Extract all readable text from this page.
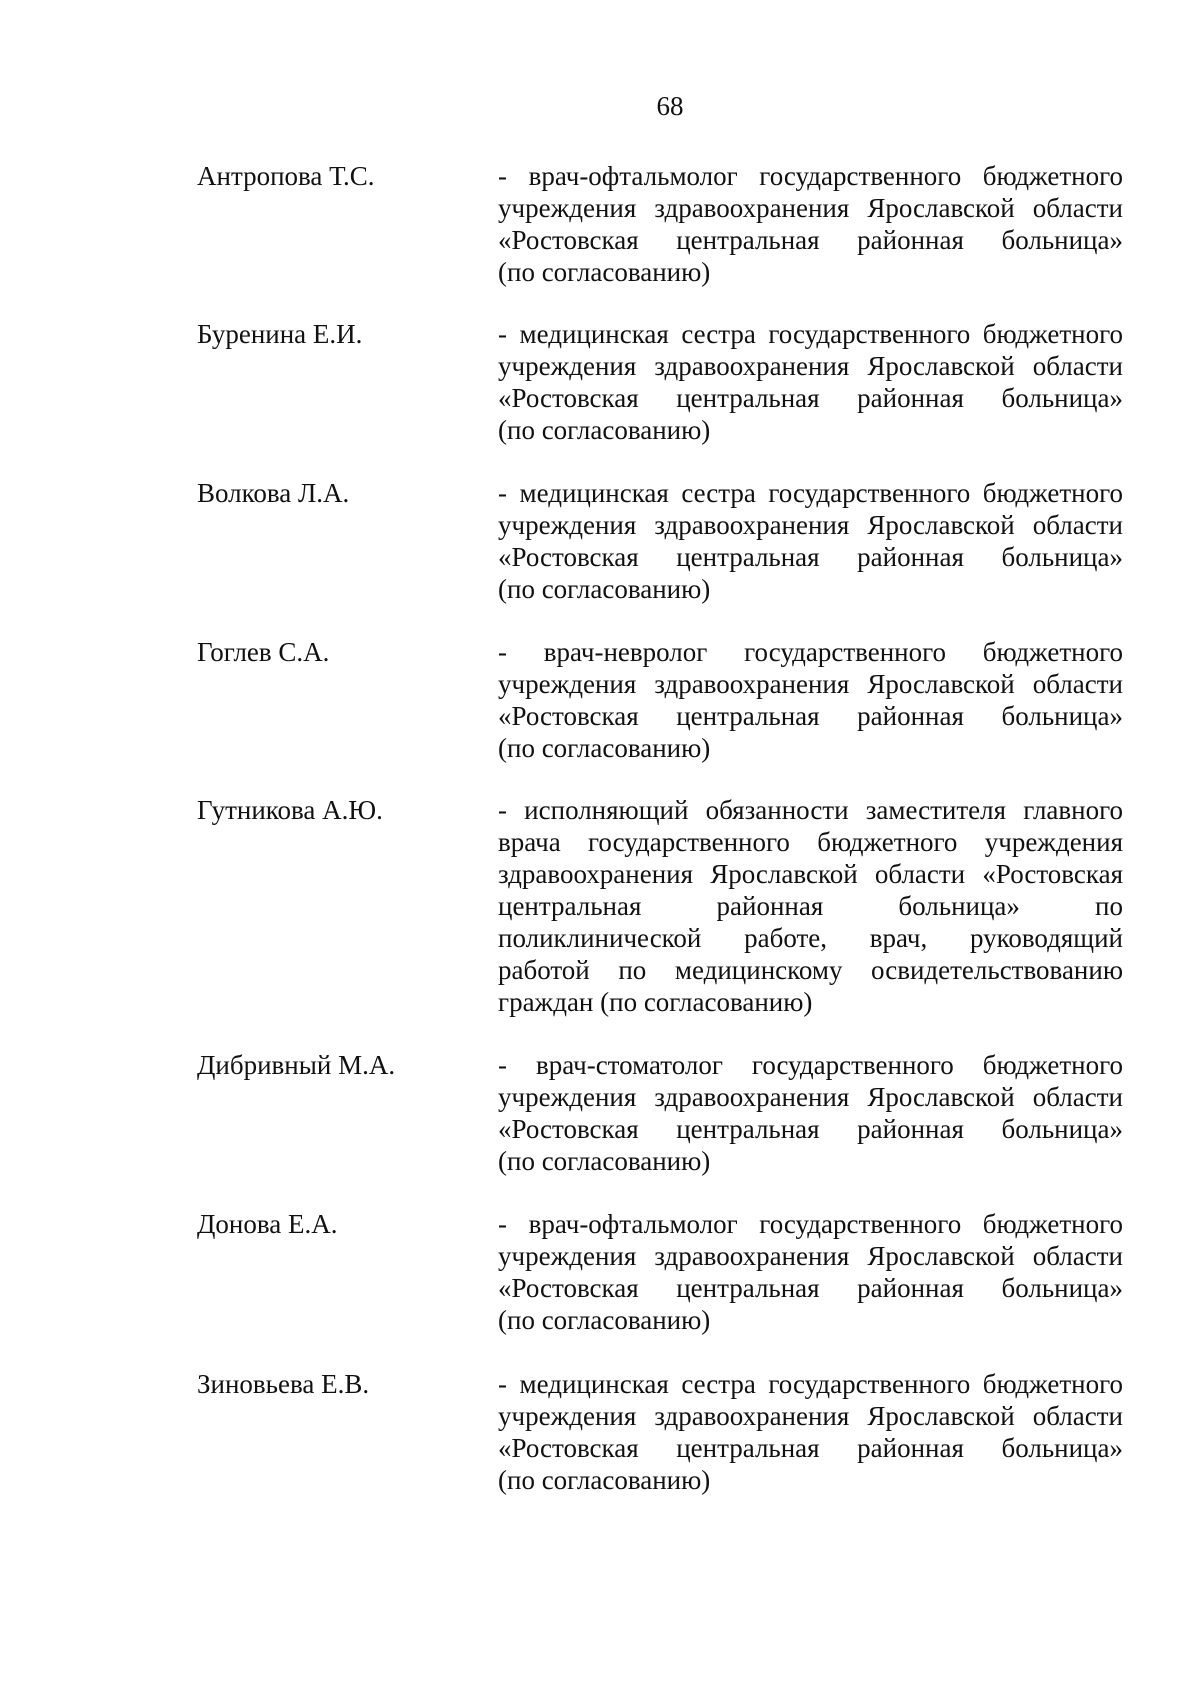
68
Антропова Т.С.	- врач-офтальмолог государственного бюджетного
учреждения здравоохранения Ярославской области
«Ростовская центральная районная больница»
(по согласованию)
Буренина Е.И.	- медицинская сестра государственного бюджетного
учреждения здравоохранения Ярославской области
«Ростовская центральная районная больница»
(по согласованию)
Волкова Л.А.	- медицинская сестра государственного бюджетного
учреждения здравоохранения Ярославской области
«Ростовская центральная районная больница»
(по согласованию)
Гоглев С.А.	- врач-невролог государственного бюджетного
учреждения здравоохранения Ярославской области
«Ростовская центральная районная больница»
(по согласованию)
Гутникова А.Ю.	- исполняющий обязанности заместителя главного
врача государственного бюджетного учреждения
здравоохранения Ярославской области «Ростовская
центральная районная больница» по
поликлинической работе, врач, руководящий
работой по медицинскому освидетельствованию
граждан (по согласованию)
Дибривный М.А.	- врач-стоматолог государственного бюджетного
учреждения здравоохранения Ярославской области
«Ростовская центральная районная больница»
(по согласованию)
Донова Е.А.	- врач-офтальмолог государственного бюджетного
учреждения здравоохранения Ярославской области
«Ростовская центральная районная больница»
(по согласованию)
Зиновьева Е.В.	- медицинская сестра государственного бюджетного
учреждения здравоохранения Ярославской области
«Ростовская центральная районная больница»
(по согласованию)
